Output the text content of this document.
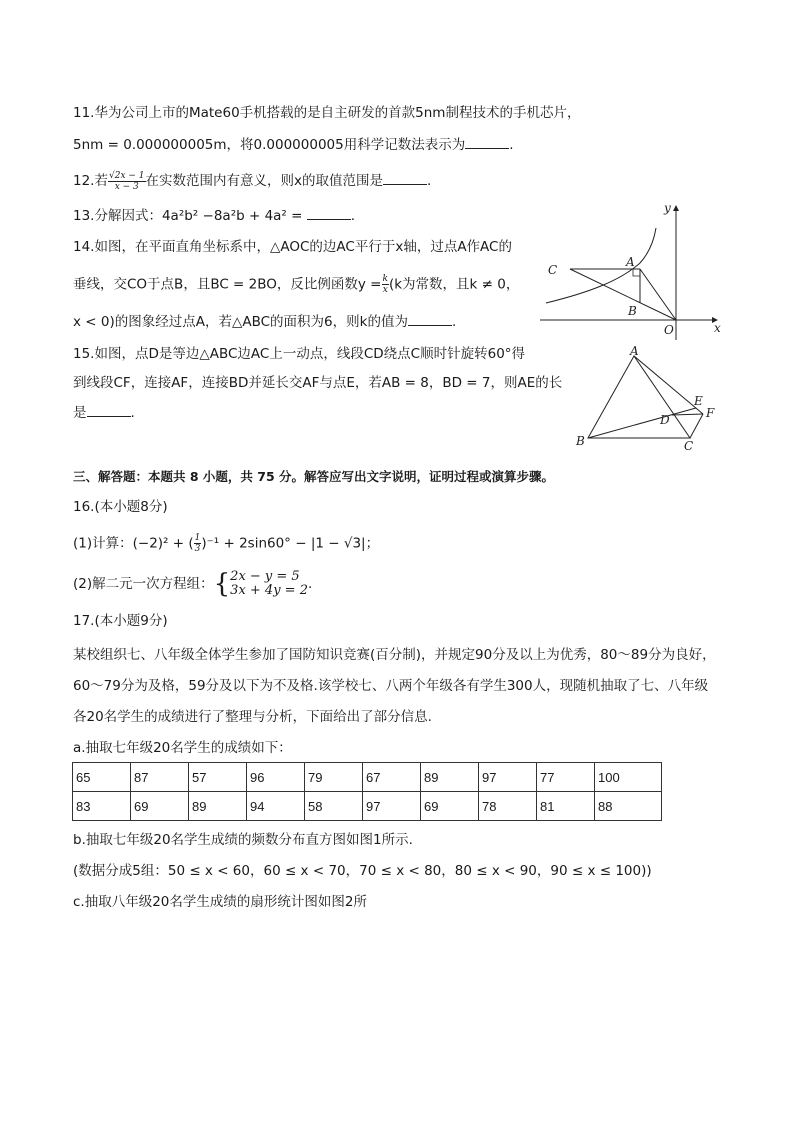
11.华为公司上市的Mate60手机搭载的是自主研发的首款5nm制程技术的手机芯片，
5nm = 0.000000005m，将0.000000005用科学记数法表示为	.
12.若 $\frac{√2x - 1}{x - 3}$ 在实数范围内有意义，则x的取值范围是	.
13.分解因式：4a²b² −8a²b + 4a² =	.
14.如图，在平面直角坐标系中，△AOC的边AC平行于x轴，过点A作AC的
垂线，交CO于点B，且BC = 2BO，反比例函数$y = \frac{k}{x} (k$为常数，且k ≠ 0，
x < 0)的图象经过点A，若△ABC的面积为6，则k的值为	.
15.如图，点D是等边△ABC边AC上一动点，线段CD绕点C顺时针旋转60°得
到线段CF，连接AF，连接BD并延长交AF与点E，若AB = 8，BD = 7，则AE的长
是	.
y
C
A
B
O	x
A
E
F
D
B	C
三、解答题：本题共 8 小题，共 75 分。解答应写出文字说明，证明过程或演算步骤。
16.(本小题8分)
(1)计算：(−2)² + ( $\frac{1}{3} )^{-1} + 2\sin 60^\circ - |1 - √3|$；
(2)解二元一次方程组：{ 2x − y = 5
3x + 4y = 2 .
17.(本小题9分)
某校组织七、八年级全体学生参加了国防知识竞赛(百分制)，并规定90分及以上为优秀，80～89分为良好，
60～79分为及格，59分及以下为不及格.该学校七、八两个年级各有学生300人，现随机抽取了七、八年级
各20名学生的成绩进行了整理与分析，下面给出了部分信息.
a.抽取七年级20名学生的成绩如下：
65	87	57	96	79	67	89	97	77	100
83	69	89	94	58	97	69	78	81	88
b.抽取七年级20名学生成绩的频数分布直方图如图1所示.
(数据分成5组：50 ≤ x < 60，60 ≤ x < 70，70 ≤ x < 80，80 ≤ x < 90，90 ≤ x ≤ 100))
c.抽取八年级20名学生成绩的扇形统计图如图2所
